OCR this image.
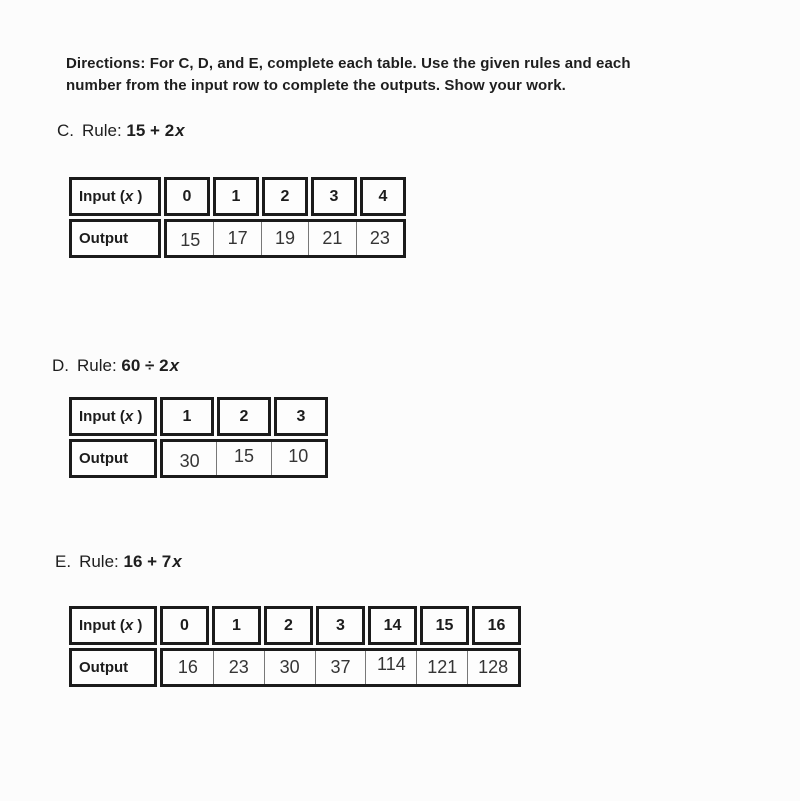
Directions: For C, D, and E, complete each table. Use the given rules and each
number from the input row to complete the outputs. Show your work.
C. Rule: 15 + 2x
Input ( x )	0	1	2	3	4
Output	15 17 19 21 23
D. Rule: 60 ÷ 2x
Input ( x )	1	2	3
Output	30 15 10
E. Rule: 16 + 7x
Input ( x ) 0	1	2	3 14 15 16
Output	16 23 30 37 114 121 128
